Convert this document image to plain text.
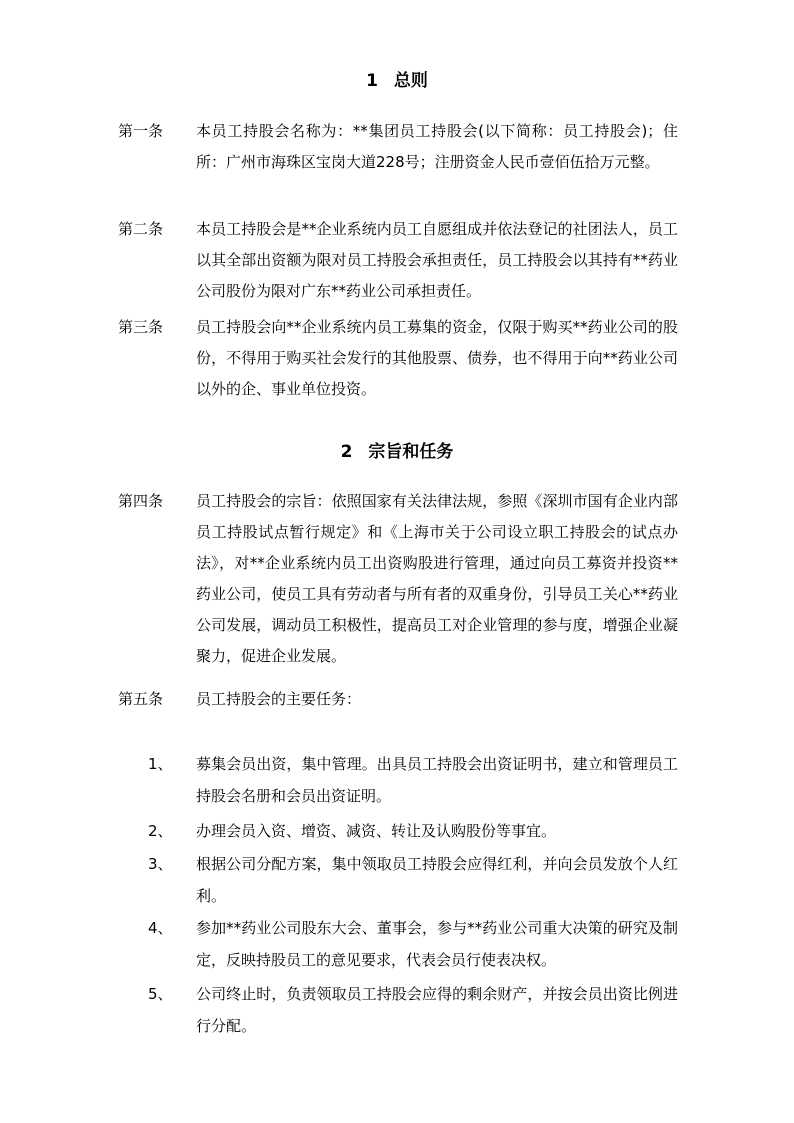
1 总则
第一条	本员工持股会名称为：**集团员工持股会(以下简称：员工持股会)；住所：广州市海珠区宝岗大道228号；注册资金人民币壹佰伍拾万元整。
第二条	本员工持股会是**企业系统内员工自愿组成并依法登记的社团法人，员工以其全部出资额为限对员工持股会承担责任，员工持股会以其持有**药业公司股份为限对广东**药业公司承担责任。
第三条	员工持股会向**企业系统内员工募集的资金，仅限于购买**药业公司的股份，不得用于购买社会发行的其他股票、债券，也不得用于向**药业公司以外的企、事业单位投资。
2 宗旨和任务
第四条	员工持股会的宗旨：依照国家有关法律法规，参照《深圳市国有企业内部员工持股试点暂行规定》和《上海市关于公司设立职工持股会的试点办法》，对**企业系统内员工出资购股进行管理，通过向员工募资并投资**药业公司，使员工具有劳动者与所有者的双重身份，引导员工关心**药业公司发展，调动员工积极性，提高员工对企业管理的参与度，增强企业凝聚力，促进企业发展。
第五条	员工持股会的主要任务：
1、	募集会员出资，集中管理。出具员工持股会出资证明书，建立和管理员工持股会名册和会员出资证明。
2、	办理会员入资、增资、减资、转让及认购股份等事宜。
3、	根据公司分配方案，集中领取员工持股会应得红利，并向会员发放个人红利。
4、	参加**药业公司股东大会、董事会，参与**药业公司重大决策的研究及制定，反映持股员工的意见要求，代表会员行使表决权。
5、	公司终止时，负责领取员工持股会应得的剩余财产，并按会员出资比例进行分配。
